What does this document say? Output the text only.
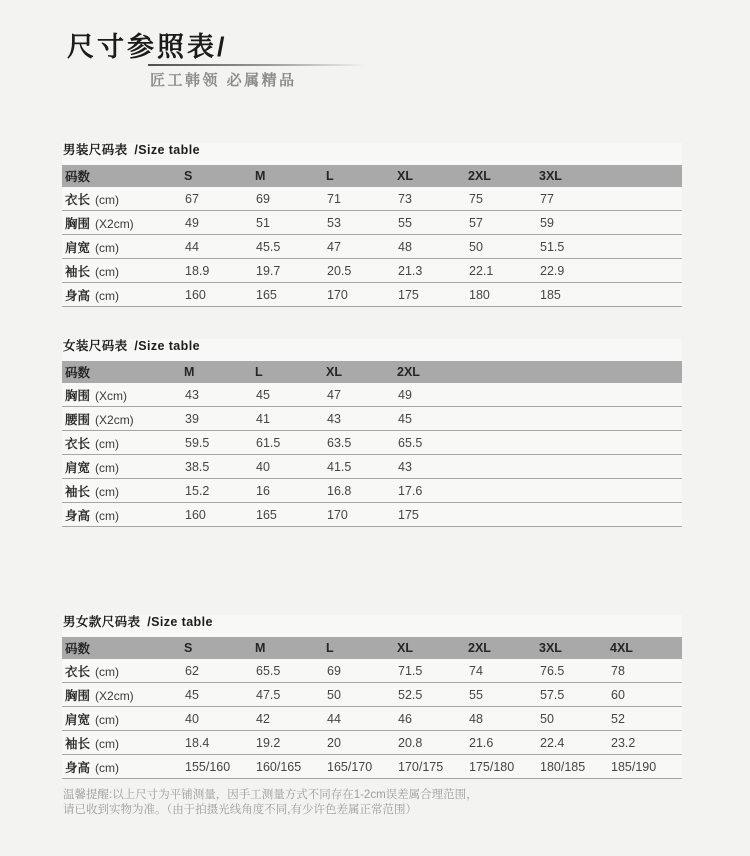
尺寸参照表/
匠工韩领 必属精品
男装尺码表 /Size table
码数	S	M	L	XL	2XL	3XL
衣长 (cm)	67	69	71	73	75	77
胸围 (X2cm)	49	51	53	55	57	59
肩宽 (cm)	44	45.5	47	48	50	51.5
袖长 (cm)	18.9	19.7	20.5	21.3	22.1	22.9
身高 (cm)	160	165	170	175	180	185
女装尺码表 /Size table
码数	M	L	XL	2XL
胸围 (Xcm)	43	45	47	49
腰围 (X2cm)	39	41	43	45
衣长 (cm)	59.5	61.5	63.5	65.5
肩宽 (cm)	38.5	40	41.5	43
袖长 (cm)	15.2	16	16.8	17.6
身高 (cm)	160	165	170	175
男女款尺码表 /Size table
码数	S	M	L	XL	2XL	3XL	4XL
衣长 (cm)	62	65.5	69	71.5	74	76.5	78
胸围 (X2cm)	45	47.5	50	52.5	55	57.5	60
肩宽 (cm)	40	42	44	46	48	50	52
袖长 (cm)	18.4	19.2	20	20.8	21.6	22.4	23.2
身高 (cm)	155/160	160/165	165/170	170/175	175/180	180/185	185/190

温馨提醒:以上尺寸为平铺测量，因手工测量方式不同存在1-2cm误差属合理范围，
请已收到实物为准。（由于拍摄光线角度不同,有少许色差属正常范围）
